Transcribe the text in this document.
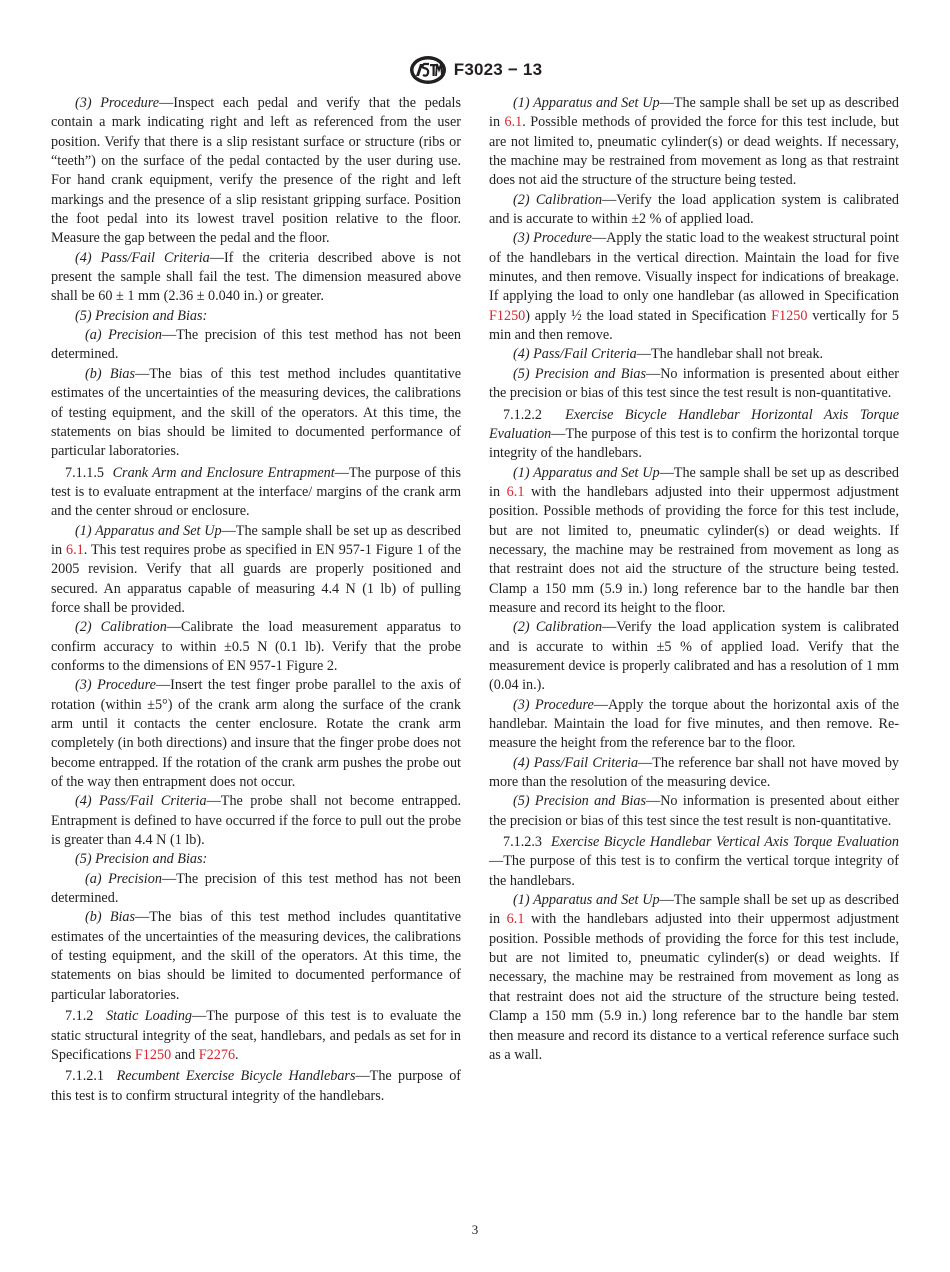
F3023 − 13

(3) Procedure—Inspect each pedal and verify that the pedals contain a mark indicating right and left as referenced from the user position. Verify that there is a slip resistant surface or structure (ribs or “teeth”) on the surface of the pedal contacted by the user during use. For hand crank equipment, verify the presence of the right and left markings and the presence of a slip resistant gripping surface. Position the foot pedal into its lowest travel position relative to the floor. Measure the gap between the pedal and the floor.

(4) Pass/Fail Criteria—If the criteria described above is not present the sample shall fail the test. The dimension measured above shall be 60 ± 1 mm (2.36 ± 0.040 in.) or greater.

(5) Precision and Bias:

(a) Precision—The precision of this test method has not been determined.

(b) Bias—The bias of this test method includes quantitative estimates of the uncertainties of the measuring devices, the calibrations of testing equipment, and the skill of the operators. At this time, the statements on bias should be limited to documented performance of particular laboratories.

7.1.1.5 Crank Arm and Enclosure Entrapment—The purpose of this test is to evaluate entrapment at the interface/ margins of the crank arm and the center shroud or enclosure.

(1) Apparatus and Set Up—The sample shall be set up as described in 6.1. This test requires probe as specified in EN 957-1 Figure 1 of the 2005 revision. Verify that all guards are properly positioned and secured. An apparatus capable of measuring 4.4 N (1 lb) of pulling force shall be provided.

(2) Calibration—Calibrate the load measurement apparatus to confirm accuracy to within ±0.5 N (0.1 lb). Verify that the probe conforms to the dimensions of EN 957-1 Figure 2.

(3) Procedure—Insert the test finger probe parallel to the axis of rotation (within ±5°) of the crank arm along the surface of the crank arm until it contacts the center enclosure. Rotate the crank arm completely (in both directions) and insure that the finger probe does not become entrapped. If the rotation of the crank arm pushes the probe out of the way then entrapment does not occur.

(4) Pass/Fail Criteria—The probe shall not become entrapped. Entrapment is defined to have occurred if the force to pull out the probe is greater than 4.4 N (1 lb).

(5) Precision and Bias:

(a) Precision—The precision of this test method has not been determined.

(b) Bias—The bias of this test method includes quantitative estimates of the uncertainties of the measuring devices, the calibrations of testing equipment, and the skill of the operators. At this time, the statements on bias should be limited to documented performance of particular laboratories.

7.1.2 Static Loading—The purpose of this test is to evaluate the static structural integrity of the seat, handlebars, and pedals as set for in Specifications F1250 and F2276.

7.1.2.1 Recumbent Exercise Bicycle Handlebars—The purpose of this test is to confirm structural integrity of the handlebars.

(1) Apparatus and Set Up—The sample shall be set up as described in 6.1. Possible methods of provided the force for this test include, but are not limited to, pneumatic cylinder(s) or dead weights. If necessary, the machine may be restrained from movement as long as that restraint does not aid the structure of the structure being tested.

(2) Calibration—Verify the load application system is calibrated and is accurate to within ±2 % of applied load.

(3) Procedure—Apply the static load to the weakest structural point of the handlebars in the vertical direction. Maintain the load for five minutes, and then remove. Visually inspect for indications of breakage. If applying the load to only one handlebar (as allowed in Specification F1250) apply ½ the load stated in Specification F1250 vertically for 5 min and then remove.

(4) Pass/Fail Criteria—The handlebar shall not break.

(5) Precision and Bias—No information is presented about either the precision or bias of this test since the test result is non-quantitative.

7.1.2.2 Exercise Bicycle Handlebar Horizontal Axis Torque Evaluation—The purpose of this test is to confirm the horizontal torque integrity of the handlebars.

(1) Apparatus and Set Up—The sample shall be set up as described in 6.1 with the handlebars adjusted into their uppermost adjustment position. Possible methods of providing the force for this test include, but are not limited to, pneumatic cylinder(s) or dead weights. If necessary, the machine may be restrained from movement as long as that restraint does not aid the structure of the structure being tested. Clamp a 150 mm (5.9 in.) long reference bar to the handle bar then measure and record its height to the floor.

(2) Calibration—Verify the load application system is calibrated and is accurate to within ±5 % of applied load. Verify that the measurement device is properly calibrated and has a resolution of 1 mm (0.04 in.).

(3) Procedure—Apply the torque about the horizontal axis of the handlebar. Maintain the load for five minutes, and then remove. Re-measure the height from the reference bar to the floor.

(4) Pass/Fail Criteria—The reference bar shall not have moved by more than the resolution of the measuring device.

(5) Precision and Bias—No information is presented about either the precision or bias of this test since the test result is non-quantitative.

7.1.2.3 Exercise Bicycle Handlebar Vertical Axis Torque Evaluation—The purpose of this test is to confirm the vertical torque integrity of the handlebars.

(1) Apparatus and Set Up—The sample shall be set up as described in 6.1 with the handlebars adjusted into their uppermost adjustment position. Possible methods of providing the force for this test include, but are not limited to, pneumatic cylinder(s) or dead weights. If necessary, the machine may be restrained from movement as long as that restraint does not aid the structure of the structure being tested. Clamp a 150 mm (5.9 in.) long reference bar to the handle bar stem then measure and record its distance to a vertical reference surface such as a wall.

3
